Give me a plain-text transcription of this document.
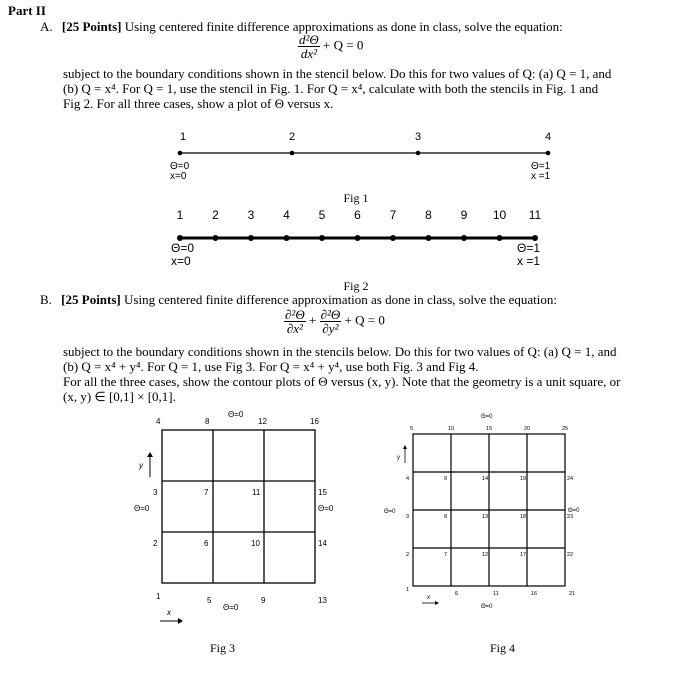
Part II
A. [25 Points] Using centered finite difference approximations as done in class, solve the equation:
$\frac{\text{d²Θ}}{\text{dx²}} + Q = 0$
subject to the boundary conditions shown in the stencil below. Do this for two values of Q: (a) Q = 1, and
(b) Q = x⁴. For Q = 1, use the stencil in Fig. 1. For Q = x⁴, calculate with both the stencils in Fig. 1 and
Fig 2. For all three cases, show a plot of Θ versus x.
1	2	3	4
Θ=0
x=0
Θ=1
x =1
Fig 1
1 2 3 4 5 6 7 8 9 10 11
Θ=0
x=0
Θ=1
x =1
Fig 2
B. [25 Points] Using centered finite difference approximation as done in class, solve the equation:
$\frac{\text{∂²Θ}}{\text{∂x²}} + \frac{\text{∂²Θ}}{\text{∂y²}} + Q = 0$
subject to the boundary conditions shown in the stencils below. Do this for two values of Q: (a) Q = 1, and
(b) Q = x⁴ + y⁴. For Q = 1, use Fig 3. For Q = x⁴ + y⁴, use both Fig. 3 and Fig 4.
For all the three cases, show the contour plots of Θ versus (x, y). Note that the geometry is a unit square, or
(x, y) ∈ [0,1] × [0,1].
1
2
3
4
5
6
7
8
9
10
11
12
13
14
15
16
Θ=0
Θ=0	Θ=0
Θ=0
x
y
Fig 3
1
2
3
4
5
6
7
8
9
10
11
12
13
14
15
16
17
18
19
20
21
22
23
24
25
Θ=0
Θ=0	Θ=0
Θ=0
x
y
Fig 4
